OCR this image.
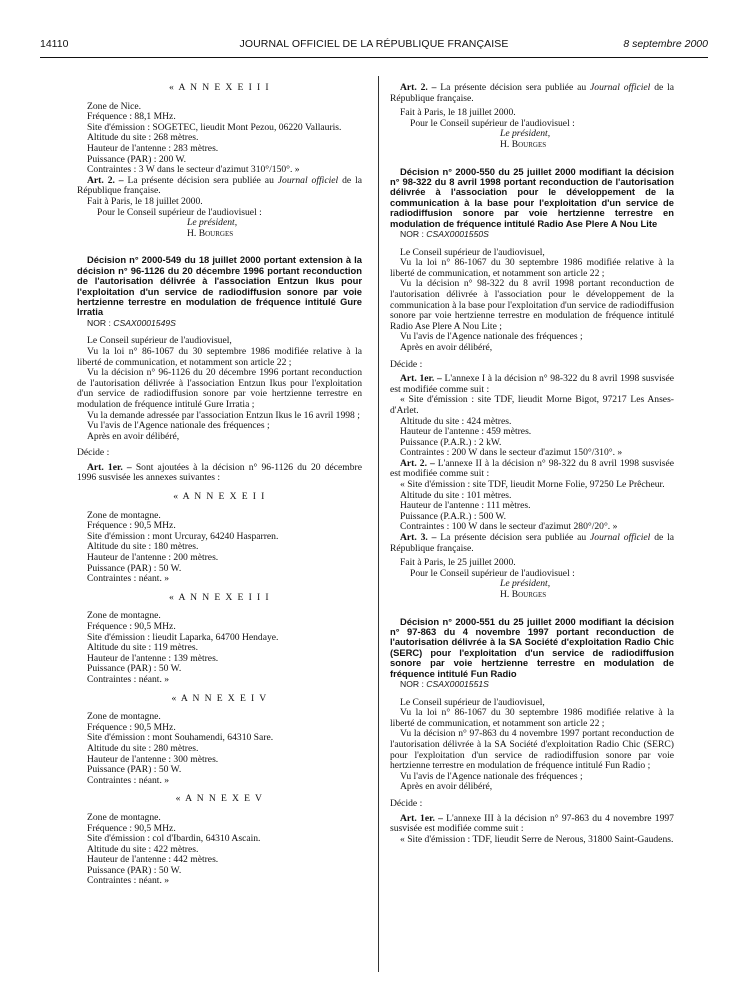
14110	JOURNAL OFFICIEL DE LA RÉPUBLIQUE FRANÇAISE	8 septembre 2000
« A N N E X E I I I

Zone de Nice.

Fréquence : 88,1 MHz.

Site d'émission : SOGETEC, lieudit Mont Pezou, 06220 Vallauris.

Altitude du site : 268 mètres.

Hauteur de l'antenne : 283 mètres.

Puissance (PAR) : 200 W.

Contraintes : 3 W dans le secteur d'azimut 310°/150°. »

Art. 2. – La présente décision sera publiée au Journal officiel de la République française.

Fait à Paris, le 18 juillet 2000.

Pour le Conseil supérieur de l'audiovisuel :

Le président,

H. Bourges

Décision n° 2000-549 du 18 juillet 2000 portant extension à la décision n° 96-1126 du 20 décembre 1996 portant reconduction de l'autorisation délivrée à l'association Entzun Ikus pour l'exploitation d'un service de radiodiffusion sonore par voie hertzienne terrestre en modulation de fréquence intitulé Gure Irratia

NOR : CSAX0001549S

Le Conseil supérieur de l'audiovisuel,

Vu la loi n° 86-1067 du 30 septembre 1986 modifiée relative à la liberté de communication, et notamment son article 22 ;

Vu la décision n° 96-1126 du 20 décembre 1996 portant reconduction de l'autorisation délivrée à l'association Entzun Ikus pour l'exploitation d'un service de radiodiffusion sonore par voie hertzienne terrestre en modulation de fréquence intitulé Gure Irratia ;

Vu la demande adressée par l'association Entzun Ikus le 16 avril 1998 ;

Vu l'avis de l'Agence nationale des fréquences ;

Après en avoir délibéré,

Décide :

Art. 1er. – Sont ajoutées à la décision n° 96-1126 du 20 décembre 1996 susvisée les annexes suivantes :

« A N N E X E I I

Zone de montagne.

Fréquence : 90,5 MHz.

Site d'émission : mont Urcuray, 64240 Hasparren.

Altitude du site : 180 mètres.

Hauteur de l'antenne : 200 mètres.

Puissance (PAR) : 50 W.

Contraintes : néant. »

« A N N E X E I I I

Zone de montagne.

Fréquence : 90,5 MHz.

Site d'émission : lieudit Laparka, 64700 Hendaye.

Altitude du site : 119 mètres.

Hauteur de l'antenne : 139 mètres.

Puissance (PAR) : 50 W.

Contraintes : néant. »

« A N N E X E I V

Zone de montagne.

Fréquence : 90,5 MHz.

Site d'émission : mont Souhamendi, 64310 Sare.

Altitude du site : 280 mètres.

Hauteur de l'antenne : 300 mètres.

Puissance (PAR) : 50 W.

Contraintes : néant. »

« A N N E X E V

Zone de montagne.

Fréquence : 90,5 MHz.

Site d'émission : col d'Ibardin, 64310 Ascain.

Altitude du site : 422 mètres.

Hauteur de l'antenne : 442 mètres.

Puissance (PAR) : 50 W.

Contraintes : néant. »

Art. 2. – La présente décision sera publiée au Journal officiel de la République française.

Fait à Paris, le 18 juillet 2000.

Pour le Conseil supérieur de l'audiovisuel :

Le président,

H. Bourges

Décision n° 2000-550 du 25 juillet 2000 modifiant la décision n° 98-322 du 8 avril 1998 portant reconduction de l'autorisation délivrée à l'association pour le développement de la communication à la base pour l'exploitation d'un service de radiodiffusion sonore par voie hertzienne terrestre en modulation de fréquence intitulé Radio Ase Plere A Nou Lite

NOR : CSAX0001550S

Le Conseil supérieur de l'audiovisuel,

Vu la loi n° 86-1067 du 30 septembre 1986 modifiée relative à la liberté de communication, et notamment son article 22 ;

Vu la décision n° 98-322 du 8 avril 1998 portant reconduction de l'autorisation délivrée à l'association pour le développement de la communication à la base pour l'exploitation d'un service de radiodiffusion sonore par voie hertzienne terrestre en modulation de fréquence intitulé Radio Ase Plere A Nou Lite ;

Vu l'avis de l'Agence nationale des fréquences ;

Après en avoir délibéré,

Décide :

Art. 1er. – L'annexe I à la décision n° 98-322 du 8 avril 1998 susvisée est modifiée comme suit :

« Site d'émission : site TDF, lieudit Morne Bigot, 97217 Les Anses-d'Arlet.

Altitude du site : 424 mètres.

Hauteur de l'antenne : 459 mètres.

Puissance (P.A.R.) : 2 kW.

Contraintes : 200 W dans le secteur d'azimut 150°/310°. »

Art. 2. – L'annexe II à la décision n° 98-322 du 8 avril 1998 susvisée est modifiée comme suit :

« Site d'émission : site TDF, lieudit Morne Folie, 97250 Le Prêcheur.

Altitude du site : 101 mètres.

Hauteur de l'antenne : 111 mètres.

Puissance (P.A.R.) : 500 W.

Contraintes : 100 W dans le secteur d'azimut 280°/20°. »

Art. 3. – La présente décision sera publiée au Journal officiel de la République française.

Fait à Paris, le 25 juillet 2000.

Pour le Conseil supérieur de l'audiovisuel :

Le président,

H. Bourges

Décision n° 2000-551 du 25 juillet 2000 modifiant la décision n° 97-863 du 4 novembre 1997 portant reconduction de l'autorisation délivrée à la SA Société d'exploitation Radio Chic (SERC) pour l'exploitation d'un service de radiodiffusion sonore par voie hertzienne terrestre en modulation de fréquence intitulé Fun Radio

NOR : CSAX0001551S

Le Conseil supérieur de l'audiovisuel,

Vu la loi n° 86-1067 du 30 septembre 1986 modifiée relative à la liberté de communication, et notamment son article 22 ;

Vu la décision n° 97-863 du 4 novembre 1997 portant reconduction de l'autorisation délivrée à la SA Société d'exploitation Radio Chic (SERC) pour l'exploitation d'un service de radiodiffusion sonore par voie hertzienne terrestre en modulation de fréquence intitulé Fun Radio ;

Vu l'avis de l'Agence nationale des fréquences ;

Après en avoir délibéré,

Décide :

Art. 1er. – L'annexe III à la décision n° 97-863 du 4 novembre 1997 susvisée est modifiée comme suit :

« Site d'émission : TDF, lieudit Serre de Nerous, 31800 Saint-Gaudens.
